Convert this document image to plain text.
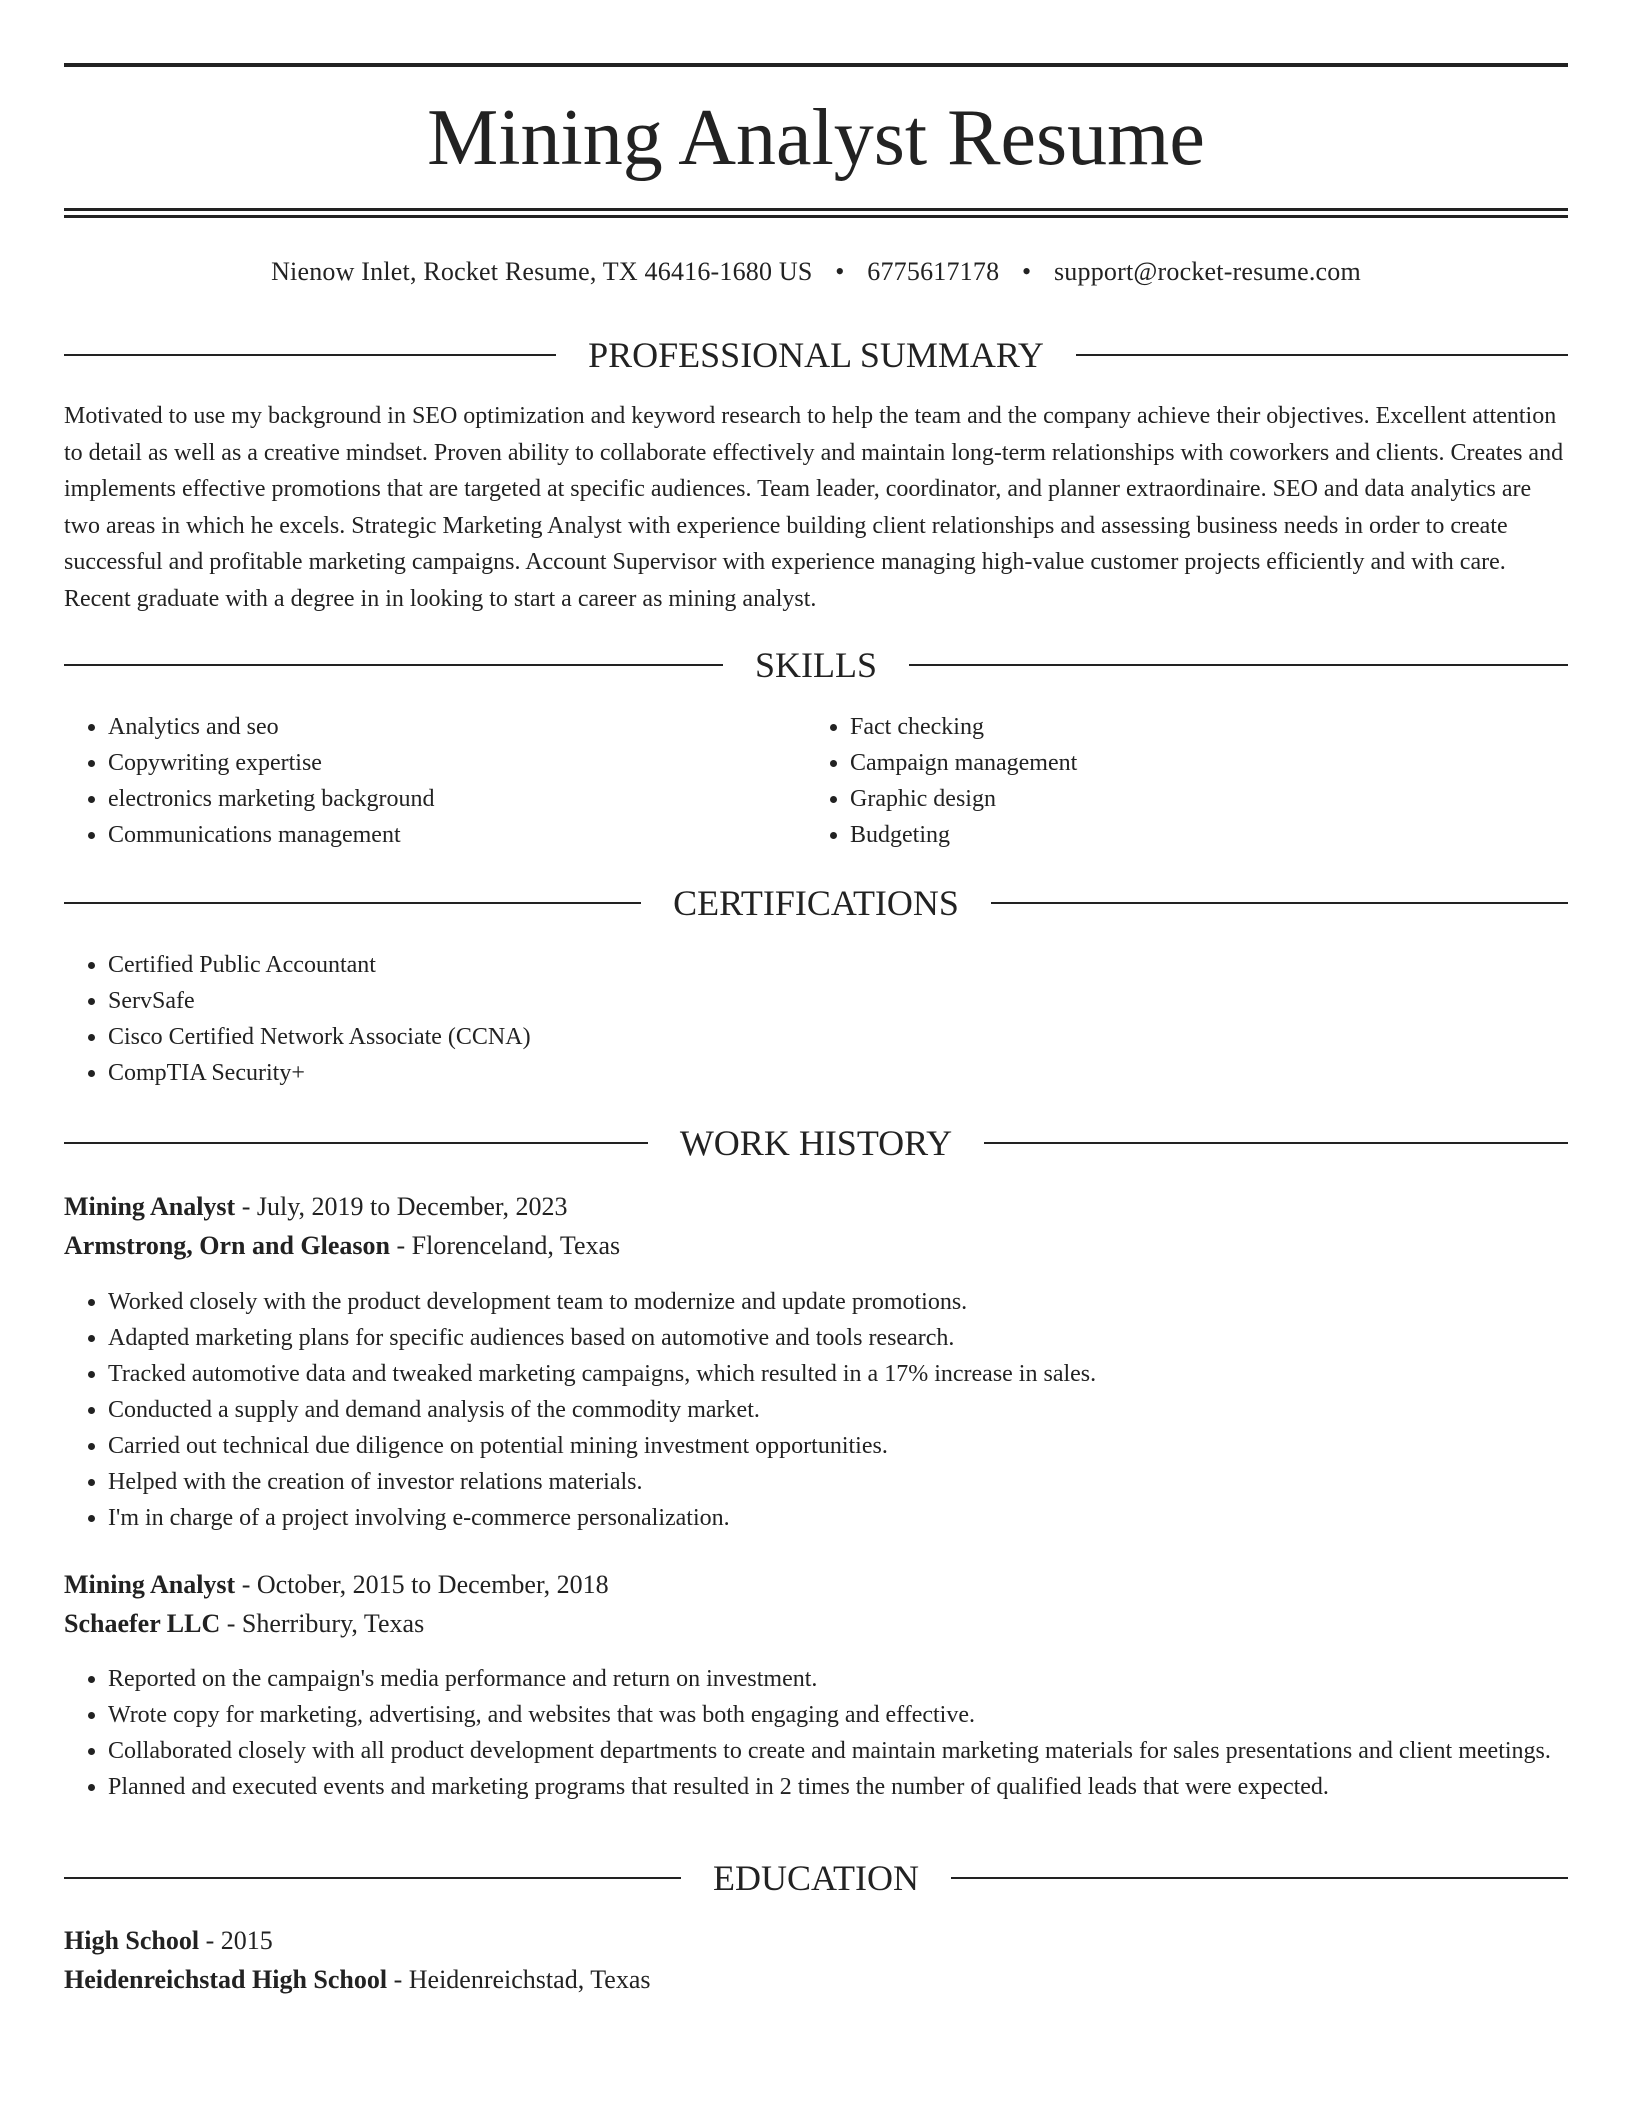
Mining Analyst Resume
Nienow Inlet, Rocket Resume, TX 46416-1680 US • 6775617178 • support@rocket-resume.com
PROFESSIONAL SUMMARY

Motivated to use my background in SEO optimization and keyword research to help the team and the company achieve their objectives. Excellent attention to detail as well as a creative mindset. Proven ability to collaborate effectively and maintain long-term relationships with coworkers and clients. Creates and implements effective promotions that are targeted at specific audiences. Team leader, coordinator, and planner extraordinaire. SEO and data analytics are two areas in which he excels. Strategic Marketing Analyst with experience building client relationships and assessing business needs in order to create successful and profitable marketing campaigns. Account Supervisor with experience managing high-value customer projects efficiently and with care. Recent graduate with a degree in in looking to start a career as mining analyst.

SKILLS
• Analytics and seo
• Copywriting expertise
• electronics marketing background
• Communications management
• Fact checking
• Campaign management
• Graphic design
• Budgeting
CERTIFICATIONS
• Certified Public Accountant
• ServSafe
• Cisco Certified Network Associate (CCNA)
• CompTIA Security+
WORK HISTORY
Mining Analyst - July, 2019 to December, 2023
Armstrong, Orn and Gleason - Florenceland, Texas
• Worked closely with the product development team to modernize and update promotions.
• Adapted marketing plans for specific audiences based on automotive and tools research.
• Tracked automotive data and tweaked marketing campaigns, which resulted in a 17% increase in sales.
• Conducted a supply and demand analysis of the commodity market.
• Carried out technical due diligence on potential mining investment opportunities.
• Helped with the creation of investor relations materials.
• I'm in charge of a project involving e-commerce personalization.
Mining Analyst - October, 2015 to December, 2018
Schaefer LLC - Sherribury, Texas
• Reported on the campaign's media performance and return on investment.
• Wrote copy for marketing, advertising, and websites that was both engaging and effective.
• Collaborated closely with all product development departments to create and maintain marketing materials for sales presentations and client meetings.
• Planned and executed events and marketing programs that resulted in 2 times the number of qualified leads that were expected.
EDUCATION
High School - 2015
Heidenreichstad High School - Heidenreichstad, Texas
